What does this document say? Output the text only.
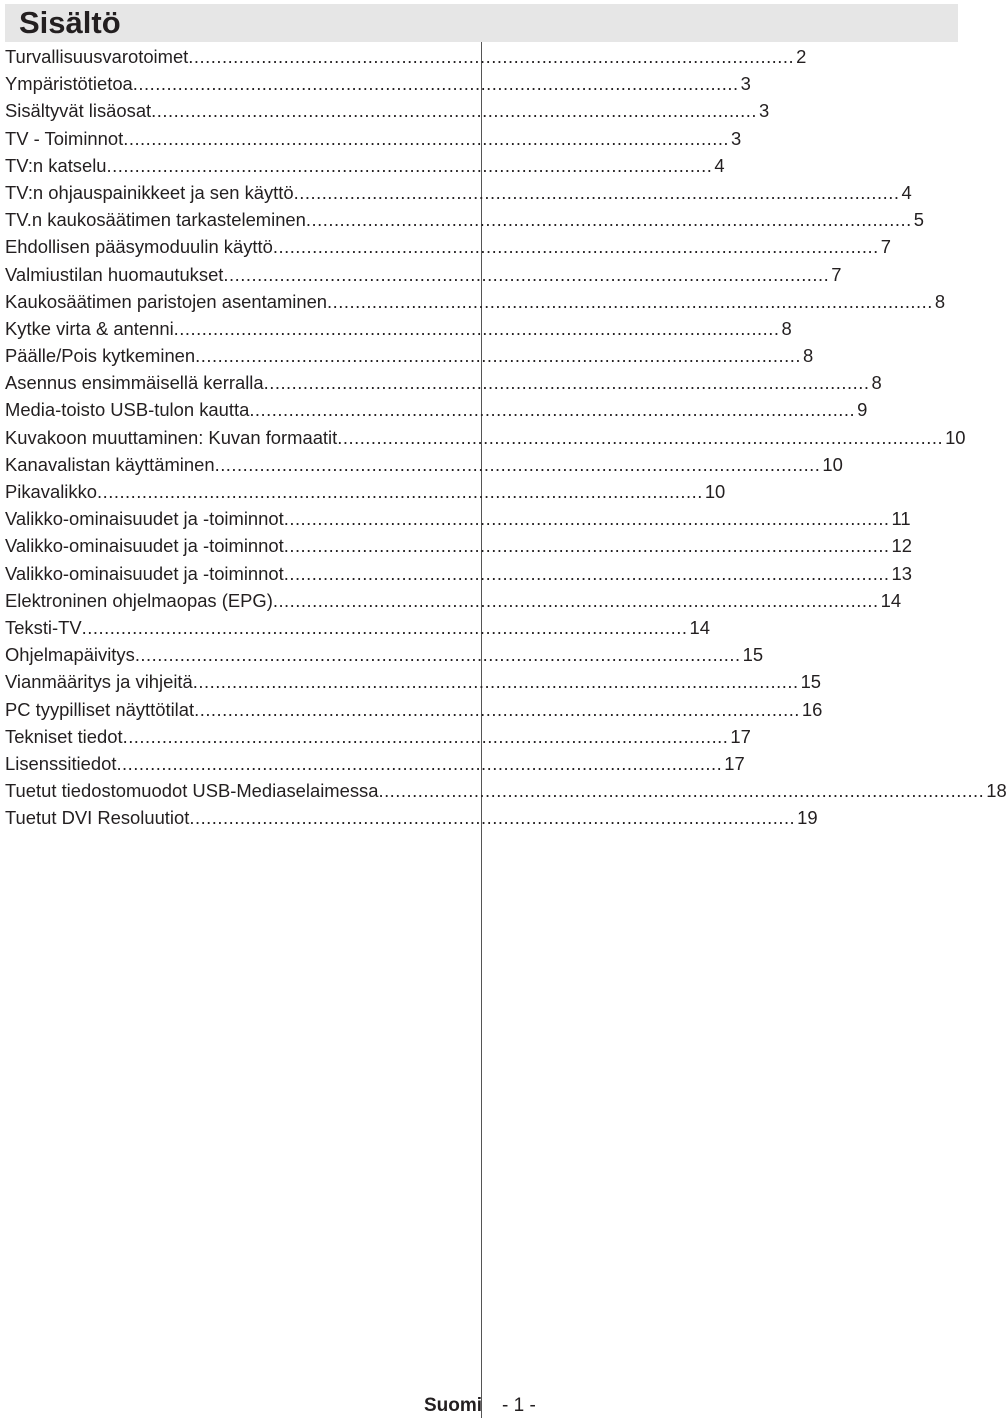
Sisältö
Turvallisuusvarotoimet ............................................................................................................ 2
Ympäristötietoa ............................................................................................................ 3
Sisältyvät lisäosat ............................................................................................................ 3
TV - Toiminnot ............................................................................................................ 3
TV:n katselu ............................................................................................................ 4
TV:n ohjauspainikkeet ja sen käyttö ............................................................................................................ 4
TV.n kaukosäätimen tarkasteleminen ............................................................................................................ 5
Ehdollisen pääsymoduulin käyttö ............................................................................................................ 7
Valmiustilan huomautukset ............................................................................................................ 7
Kaukosäätimen paristojen asentaminen ............................................................................................................ 8
Kytke virta & antenni ............................................................................................................ 8
Päälle/Pois kytkeminen ............................................................................................................ 8
Asennus ensimmäisellä kerralla ............................................................................................................ 8
Media-toisto USB-tulon kautta ............................................................................................................ 9
Kuvakoon muuttaminen: Kuvan formaatit ............................................................................................................ 10
Kanavalistan käyttäminen ............................................................................................................ 10
Pikavalikko ............................................................................................................ 10
Valikko-ominaisuudet ja -toiminnot ............................................................................................................ 11
Valikko-ominaisuudet ja -toiminnot ............................................................................................................ 12
Valikko-ominaisuudet ja -toiminnot ............................................................................................................ 13
Elektroninen ohjelmaopas (EPG) ............................................................................................................ 14
Teksti-TV ............................................................................................................ 14
Ohjelmapäivitys ............................................................................................................ 15
Vianmääritys ja vihjeitä ............................................................................................................ 15
PC tyypilliset näyttötilat ............................................................................................................ 16
Tekniset tiedot ............................................................................................................ 17
Lisenssitiedot ............................................................................................................ 17
Tuetut tiedostomuodot USB-Mediaselaimessa ............................................................................................................ 18
Tuetut DVI Resoluutiot ............................................................................................................ 19
Suomi - 1 -
